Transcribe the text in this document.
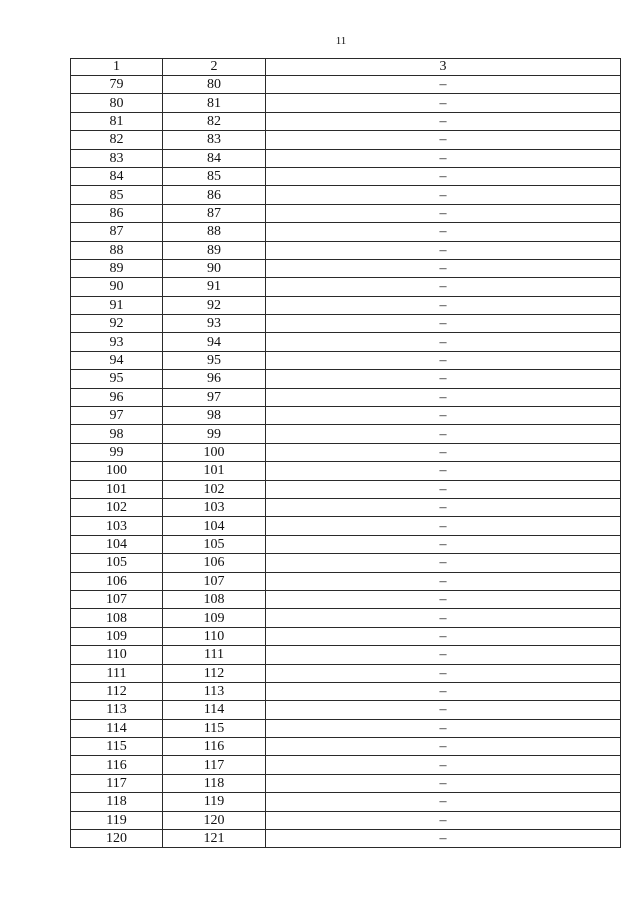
11
1	2	3
79	80	–
80	81	–
81	82	–
82	83	–
83	84	–
84	85	–
85	86	–
86	87	–
87	88	–
88	89	–
89	90	–
90	91	–
91	92	–
92	93	–
93	94	–
94	95	–
95	96	–
96	97	–
97	98	–
98	99	–
99	100	–
100	101	–
101	102	–
102	103	–
103	104	–
104	105	–
105	106	–
106	107	–
107	108	–
108	109	–
109	110	–
110	111	–
111	112	–
112	113	–
113	114	–
114	115	–
115	116	–
116	117	–
117	118	–
118	119	–
119	120	–
120	121	–
